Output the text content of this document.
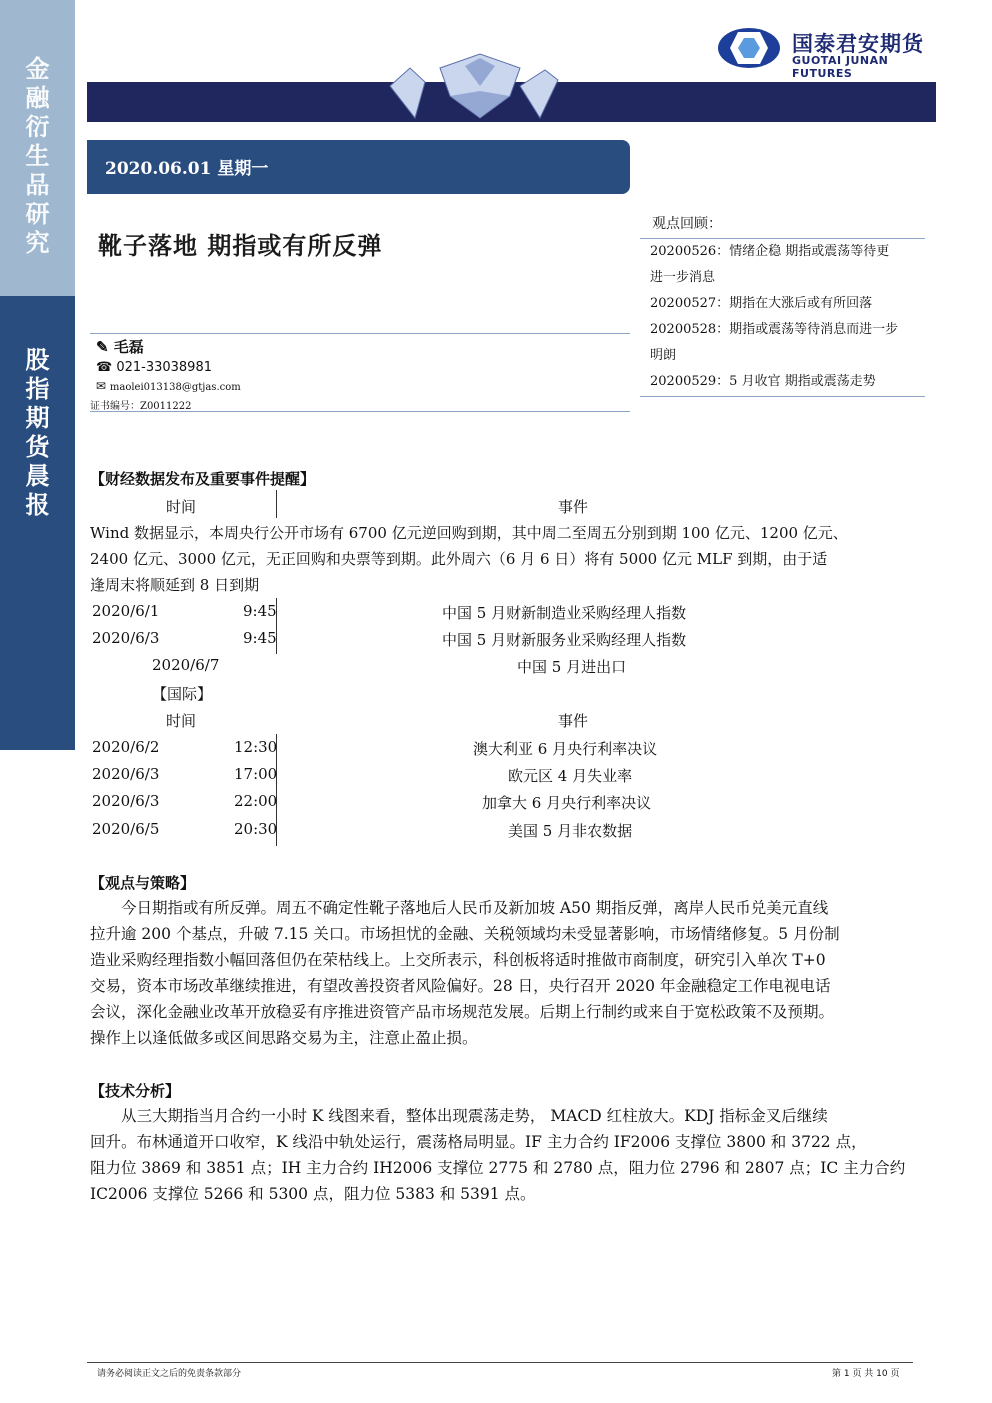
金
融
衍
生
品
研
究
股
指
期
货
晨
报
国泰君安期货
GUOTAI JUNAN FUTURES
2020.06.01 星期一
靴子落地 期指或有所反弹
观点回顾：
20200526：情绪企稳 期指或震荡等待更
进一步消息
20200527：期指在大涨后或有所回落
20200528：期指或震荡等待消息而进一步
明朗
20200529：5 月收官 期指或震荡走势
✎ 毛磊
☎ 021-33038981
✉ maolei013138@gtjas.com
证书编号：Z0011222
【财经数据发布及重要事件提醒】
时间	事件
Wind 数据显示，本周央行公开市场有 6700 亿元逆回购到期，其中周二至周五分别到期 100 亿元、1200 亿元、
2400 亿元、3000 亿元，无正回购和央票等到期。此外周六（6 月 6 日）将有 5000 亿元 MLF 到期，由于适
逢周末将顺延到 8 日到期
2020/6/1	9:45	中国 5 月财新制造业采购经理人指数
2020/6/3	9:45	中国 5 月财新服务业采购经理人指数
2020/6/7	中国 5 月进出口
【国际】
时间	事件
2020/6/2	12:30	澳大利亚 6 月央行利率决议
2020/6/3	17:00	欧元区 4 月失业率
2020/6/3	22:00	加拿大 6 月央行利率决议
2020/6/5	20:30	美国 5 月非农数据
【观点与策略】
　　今日期指或有所反弹。周五不确定性靴子落地后人民币及新加坡 A50 期指反弹，离岸人民币兑美元直线
拉升逾 200 个基点，升破 7.15 关口。市场担忧的金融、关税领域均未受显著影响，市场情绪修复。5 月份制
造业采购经理指数小幅回落但仍在荣枯线上。上交所表示，科创板将适时推做市商制度，研究引入单次 T+0
交易，资本市场改革继续推进，有望改善投资者风险偏好。28 日，央行召开 2020 年金融稳定工作电视电话
会议，深化金融业改革开放稳妥有序推进资管产品市场规范发展。后期上行制约或来自于宽松政策不及预期。
操作上以逢低做多或区间思路交易为主，注意止盈止损。
【技术分析】
　　从三大期指当月合约一小时 K 线图来看，整体出现震荡走势， MACD 红柱放大。KDJ 指标金叉后继续
回升。布林通道开口收窄，K 线沿中轨处运行，震荡格局明显。IF 主力合约 IF2006 支撑位 3800 和 3722 点，
阻力位 3869 和 3851 点；IH 主力合约 IH2006 支撑位 2775 和 2780 点，阻力位 2796 和 2807 点；IC 主力合约
IC2006 支撑位 5266 和 5300 点，阻力位 5383 和 5391 点。
请务必阅读正文之后的免责条款部分	第 1 页 共 10 页
